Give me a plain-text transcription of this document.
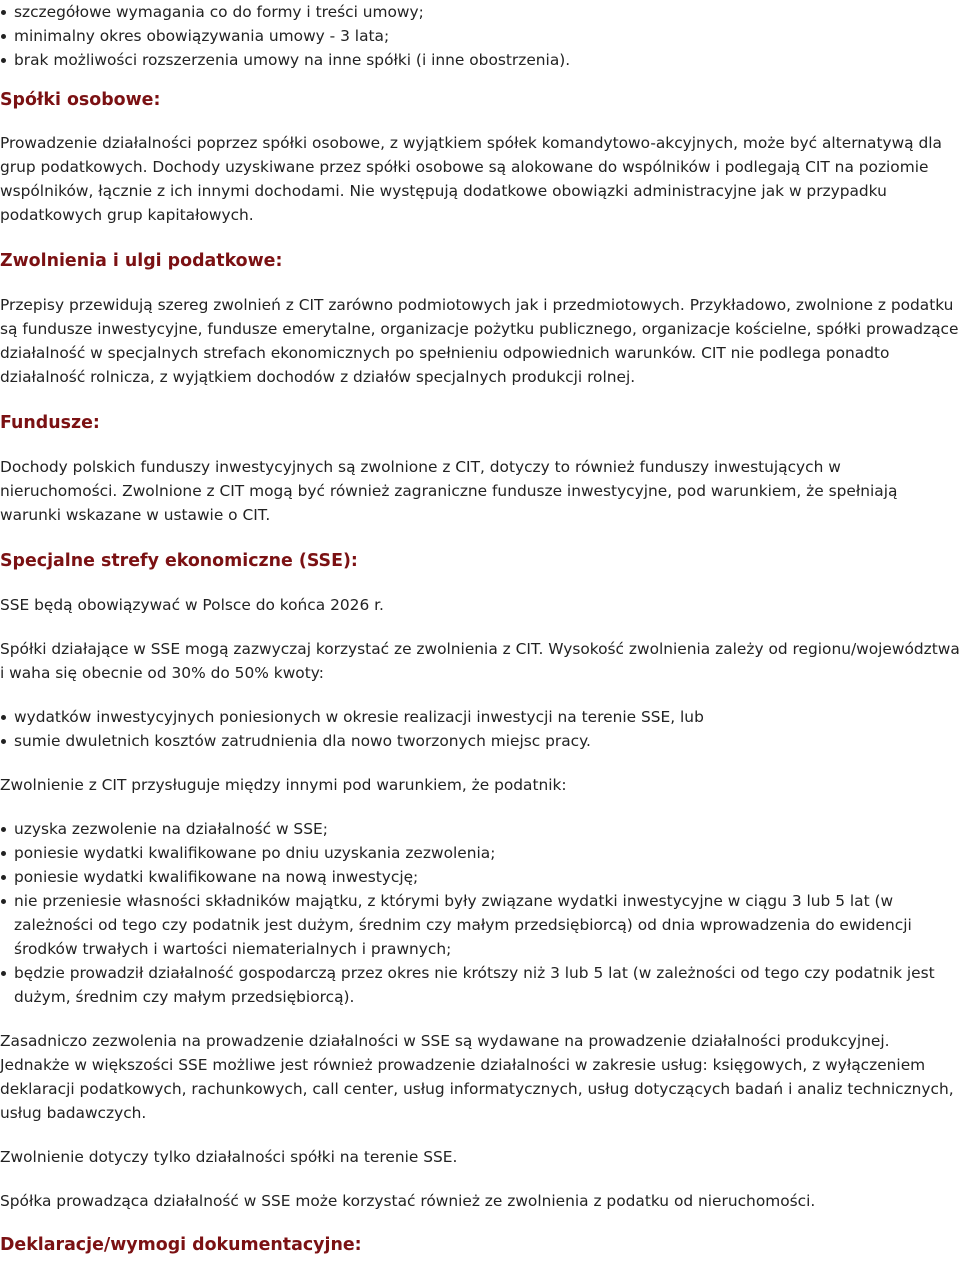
szczegółowe wymagania co do formy i treści umowy;
minimalny okres obowiązywania umowy - 3 lata;
brak możliwości rozszerzenia umowy na inne spółki (i inne obostrzenia).
Spółki osobowe:

Prowadzenie działalności poprzez spółki osobowe, z wyjątkiem spółek komandytowo-akcyjnych, może być alternatywą dla grup podatkowych. Dochody uzyskiwane przez spółki osobowe są alokowane do wspólników i podlegają CIT na poziomie wspólników, łącznie z ich innymi dochodami. Nie występują dodatkowe obowiązki administracyjne jak w przypadku podatkowych grup kapitałowych.

Zwolnienia i ulgi podatkowe:

Przepisy przewidują szereg zwolnień z CIT zarówno podmiotowych jak i przedmiotowych. Przykładowo, zwolnione z podatku są fundusze inwestycyjne, fundusze emerytalne, organizacje pożytku publicznego, organizacje kościelne, spółki prowadzące działalność w specjalnych strefach ekonomicznych po spełnieniu odpowiednich warunków. CIT nie podlega ponadto działalność rolnicza, z wyjątkiem dochodów z działów specjalnych produkcji rolnej.

Fundusze:

Dochody polskich funduszy inwestycyjnych są zwolnione z CIT, dotyczy to również funduszy inwestujących w nieruchomości. Zwolnione z CIT mogą być również zagraniczne fundusze inwestycyjne, pod warunkiem, że spełniają warunki wskazane w ustawie o CIT.

Specjalne strefy ekonomiczne (SSE):

SSE będą obowiązywać w Polsce do końca 2026 r.

Spółki działające w SSE mogą zazwyczaj korzystać ze zwolnienia z CIT. Wysokość zwolnienia zależy od regionu/województwa i waha się obecnie od 30% do 50% kwoty:

wydatków inwestycyjnych poniesionych w okresie realizacji inwestycji na terenie SSE, lub
sumie dwuletnich kosztów zatrudnienia dla nowo tworzonych miejsc pracy.

Zwolnienie z CIT przysługuje między innymi pod warunkiem, że podatnik:

uzyska zezwolenie na działalność w SSE;
poniesie wydatki kwalifikowane po dniu uzyskania zezwolenia;
poniesie wydatki kwalifikowane na nową inwestycję;
nie przeniesie własności składników majątku, z którymi były związane wydatki inwestycyjne w ciągu 3 lub 5 lat (w zależności od tego czy podatnik jest dużym, średnim czy małym przedsiębiorcą) od dnia wprowadzenia do ewidencji środków trwałych i wartości niematerialnych i prawnych;
będzie prowadził działalność gospodarczą przez okres nie krótszy niż 3 lub 5 lat (w zależności od tego czy podatnik jest dużym, średnim czy małym przedsiębiorcą).

Zasadniczo zezwolenia na prowadzenie działalności w SSE są wydawane na prowadzenie działalności produkcyjnej. Jednakże w większości SSE możliwe jest również prowadzenie działalności w zakresie usług: księgowych, z wyłączeniem deklaracji podatkowych, rachunkowych, call center, usług informatycznych, usług dotyczących badań i analiz technicznych, usług badawczych.

Zwolnienie dotyczy tylko działalności spółki na terenie SSE.

Spółka prowadząca działalność w SSE może korzystać również ze zwolnienia z podatku od nieruchomości.

Deklaracje/wymogi dokumentacyjne:
